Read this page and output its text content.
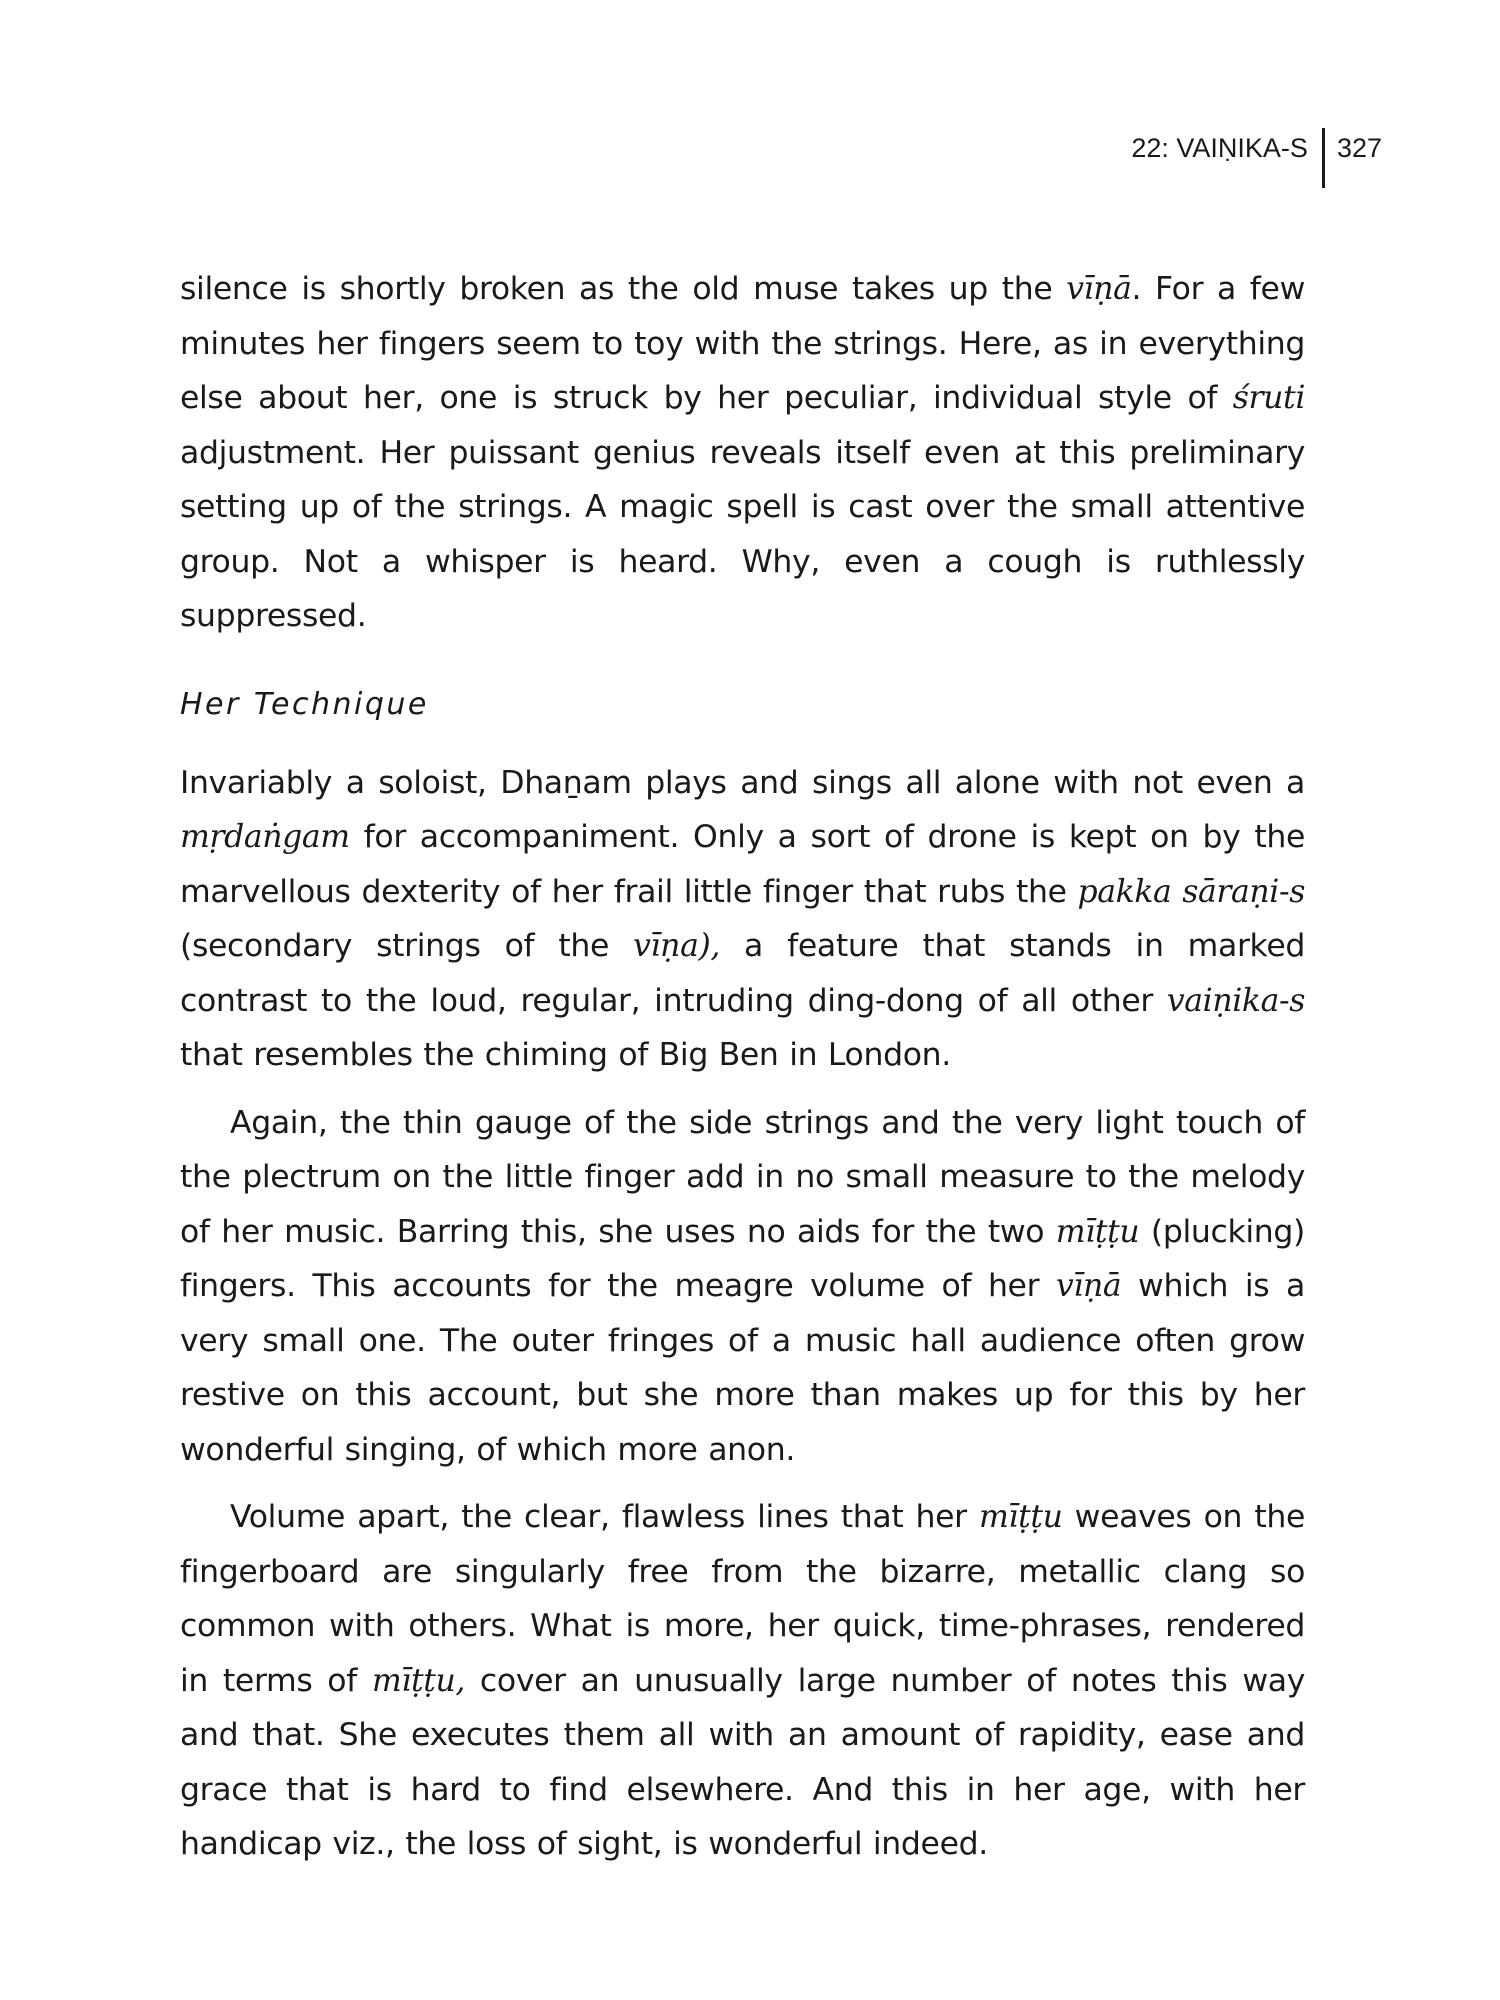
22: VAIṆIKA-S	327

silence is shortly broken as the old muse takes up the vīṇā. For a few minutes her fingers seem to toy with the strings. Here, as in everything else about her, one is struck by her peculiar, individual style of śruti adjustment. Her puissant genius reveals itself even at this preliminary setting up of the strings. A magic spell is cast over the small attentive group. Not a whisper is heard. Why, even a cough is ruthlessly suppressed.

Her Technique

Invariably a soloist, Dhaṉam plays and sings all alone with not even a mṛdaṅgam for accompaniment. Only a sort of drone is kept on by the marvellous dexterity of her frail little finger that rubs the pakka sāraṇi-s (secondary strings of the vīṇa), a feature that stands in marked contrast to the loud, regular, intruding ding-dong of all other vaiṇika-s that resembles the chiming of Big Ben in London.

Again, the thin gauge of the side strings and the very light touch of the plectrum on the little finger add in no small measure to the melody of her music. Barring this, she uses no aids for the two mīṭṭu (plucking) fingers. This accounts for the meagre volume of her vīṇā which is a very small one. The outer fringes of a music hall audience often grow restive on this account, but she more than makes up for this by her wonderful singing, of which more anon.

Volume apart, the clear, flawless lines that her mīṭṭu weaves on the fingerboard are singularly free from the bizarre, metallic clang so common with others. What is more, her quick, time-phrases, rendered in terms of mīṭṭu, cover an unusually large number of notes this way and that. She executes them all with an amount of rapidity, ease and grace that is hard to find elsewhere. And this in her age, with her handicap viz., the loss of sight, is wonderful indeed.
